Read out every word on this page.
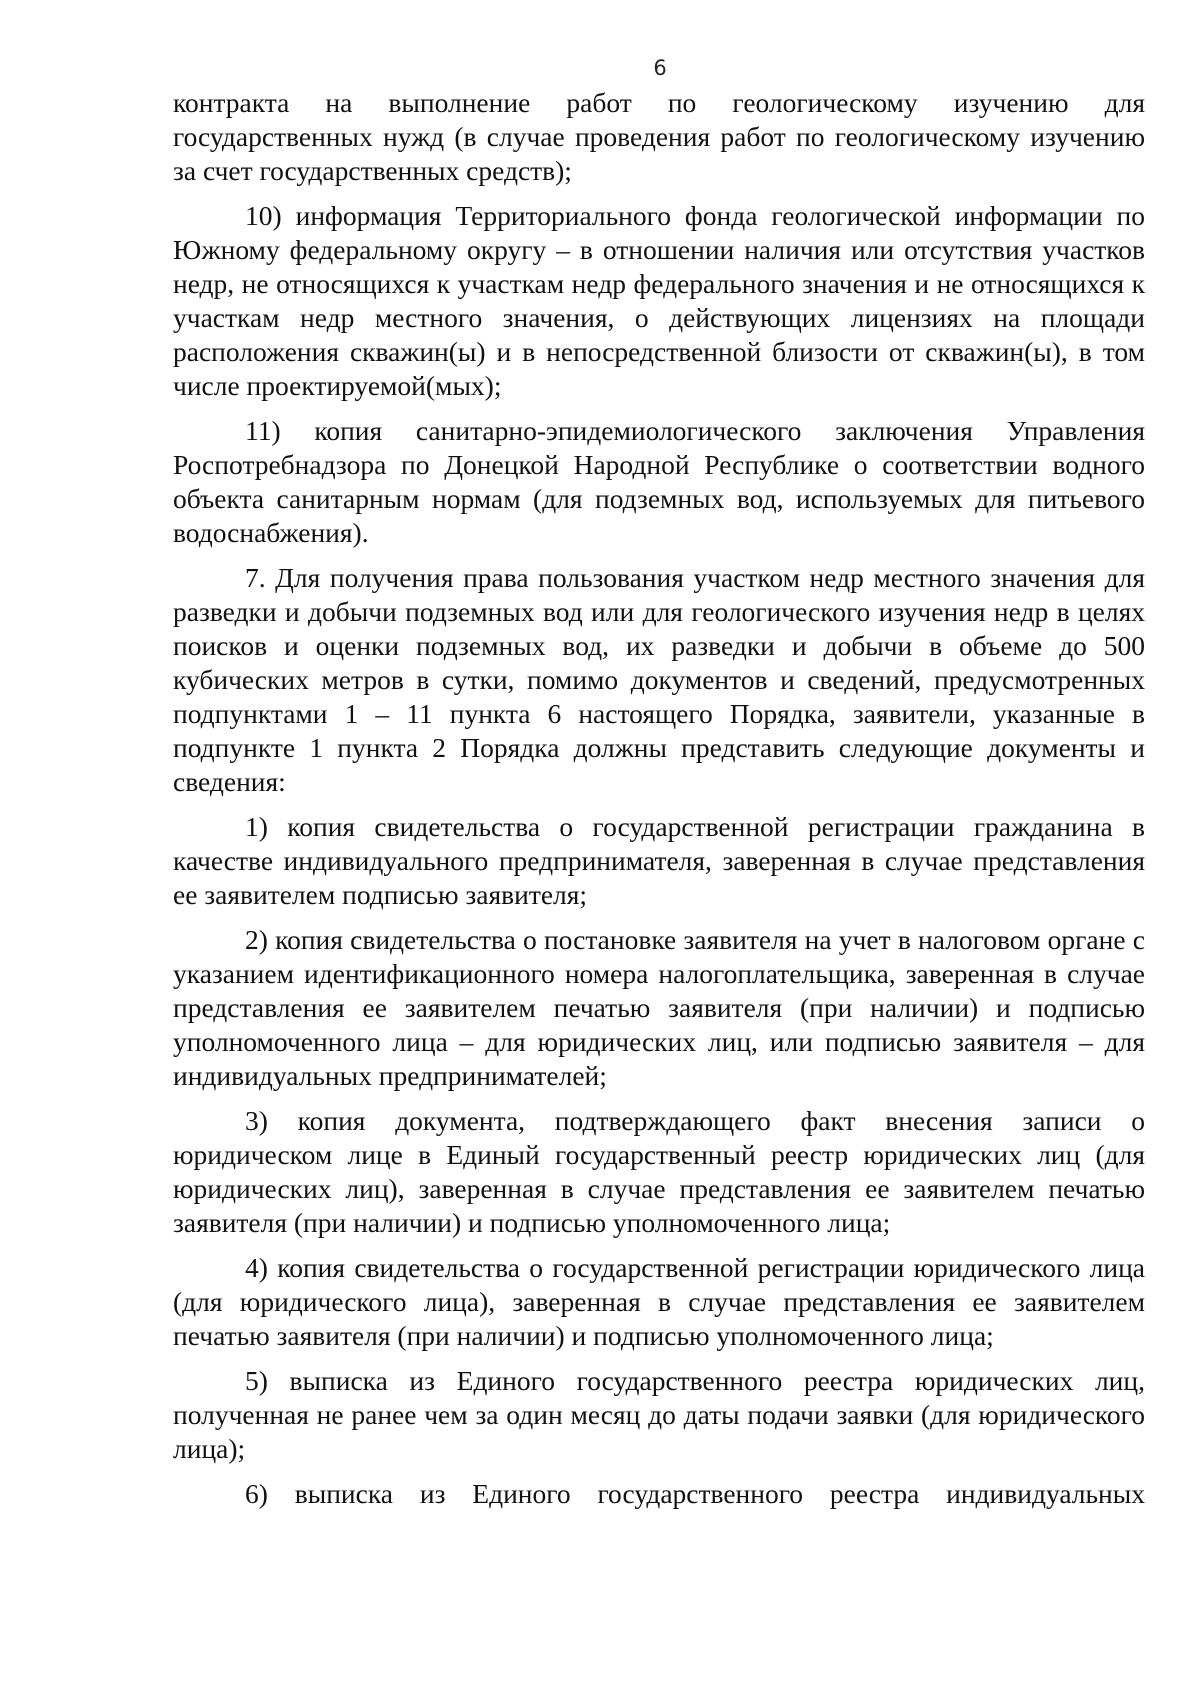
6

контракта на выполнение работ по геологическому изучению для государственных нужд (в случае проведения работ по геологическому изучению за счет государственных средств);

10) информация Территориального фонда геологической информации по Южному федеральному округу – в отношении наличия или отсутствия участков недр, не относящихся к участкам недр федерального значения и не относящихся к участкам недр местного значения, о действующих лицензиях на площади расположения скважин(ы) и в непосредственной близости от скважин(ы), в том числе проектируемой(мых);

11) копия санитарно-эпидемиологического заключения Управления Роспотребнадзора по Донецкой Народной Республике о соответствии водного объекта санитарным нормам (для подземных вод, используемых для питьевого водоснабжения).

7. Для получения права пользования участком недр местного значения для разведки и добычи подземных вод или для геологического изучения недр в целях поисков и оценки подземных вод, их разведки и добычи в объеме до 500 кубических метров в сутки, помимо документов и сведений, предусмотренных подпунктами 1 – 11 пункта 6 настоящего Порядка, заявители, указанные в подпункте 1 пункта 2 Порядка должны представить следующие документы и сведения:

1) копия свидетельства о государственной регистрации гражданина в качестве индивидуального предпринимателя, заверенная в случае представления ее заявителем подписью заявителя;

2) копия свидетельства о постановке заявителя на учет в налоговом органе с указанием идентификационного номера налогоплательщика, заверенная в случае представления ее заявителем печатью заявителя (при наличии) и подписью уполномоченного лица – для юридических лиц, или подписью заявителя – для индивидуальных предпринимателей;

3) копия документа, подтверждающего факт внесения записи о юридическом лице в Единый государственный реестр юридических лиц (для юридических лиц), заверенная в случае представления ее заявителем печатью заявителя (при наличии) и подписью уполномоченного лица;

4) копия свидетельства о государственной регистрации юридического лица (для юридического лица), заверенная в случае представления ее заявителем печатью заявителя (при наличии) и подписью уполномоченного лица;

5) выписка из Единого государственного реестра юридических лиц, полученная не ранее чем за один месяц до даты подачи заявки (для юридического лица);

6) выписка из Единого государственного реестра индивидуальных
